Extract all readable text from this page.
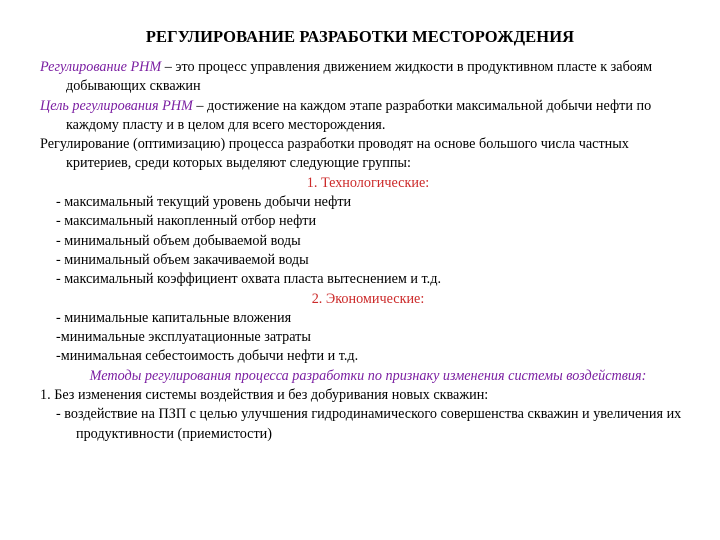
РЕГУЛИРОВАНИЕ РАЗРАБОТКИ МЕСТОРОЖДЕНИЯ

Регулирование РНМ – это процесс управления движением жидкости в продуктивном пласте к забоям добывающих скважин

Цель регулирования РНМ – достижение на каждом этапе разработки максимальной добычи нефти по каждому пласту и в целом для всего месторождения.

Регулирование (оптимизацию) процесса разработки проводят на основе большого числа частных критериев, среди которых выделяют следующие группы:

1. Технологические:

- максимальный текущий уровень добычи нефти

- максимальный накопленный отбор нефти

- минимальный объем добываемой воды

- минимальный объем закачиваемой воды

- максимальный коэффициент охвата пласта вытеснением и т.д.

2. Экономические:

- минимальные капитальные вложения

-минимальные эксплуатационные затраты

-минимальная себестоимость добычи нефти и т.д.

Методы регулирования процесса разработки по признаку изменения системы воздействия:

1. Без изменения системы воздействия и без добуривания новых скважин:

- воздействие на ПЗП с целью улучшения гидродинамического совершенства скважин и увеличения их продуктивности (приемистости)
